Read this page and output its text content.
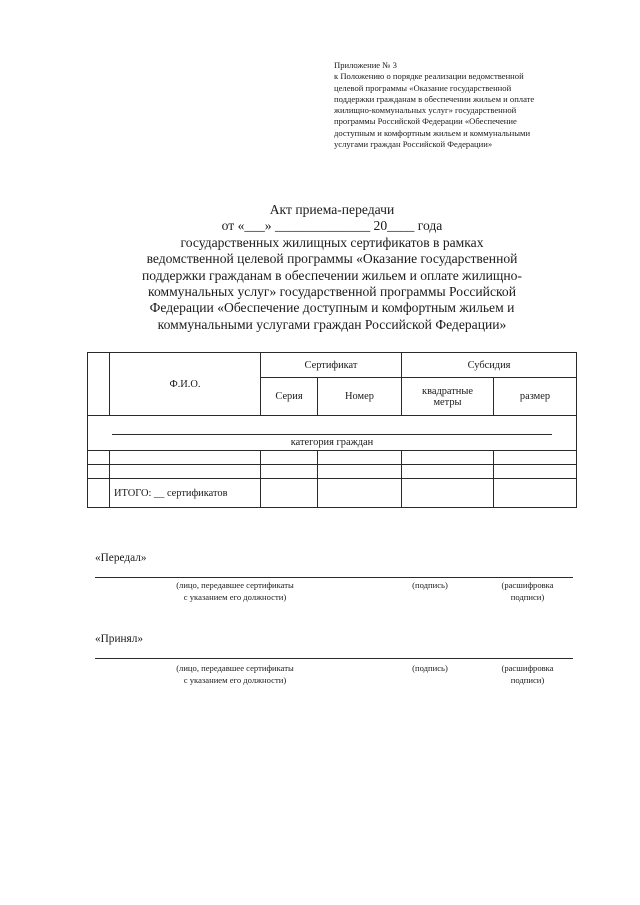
Приложение № 3
к Положению о порядке реализации ведомственной
целевой программы «Оказание государственной
поддержки гражданам в обеспечении жильем и оплате
жилищно-коммунальных услуг» государственной
программы Российской Федерации «Обеспечение
доступным и комфортным жильем и коммунальными
услугами граждан Российской Федерации»
Акт приема-передачи
от «___» ______________ 20____ года
государственных жилищных сертификатов в рамках
ведомственной целевой программы «Оказание государственной
поддержки гражданам в обеспечении жильем и оплате жилищно-
коммунальных услуг» государственной программы Российской
Федерации «Обеспечение доступным и комфортным жильем и
коммунальными услугами граждан Российской Федерации»
	Ф.И.О.	Сертификат		Субсидия	
		Серия	Номер	квадратные
метры	размер

категория граждан					

	ИТОГО: __ сертификатов				
«Передал»
(лицо, передавшее сертификаты
с указанием его должности)
(подпись)	(расшифровка
подписи)
«Принял»
(лицо, передавшее сертификаты
с указанием его должности)
(подпись)	(расшифровка
подписи)
